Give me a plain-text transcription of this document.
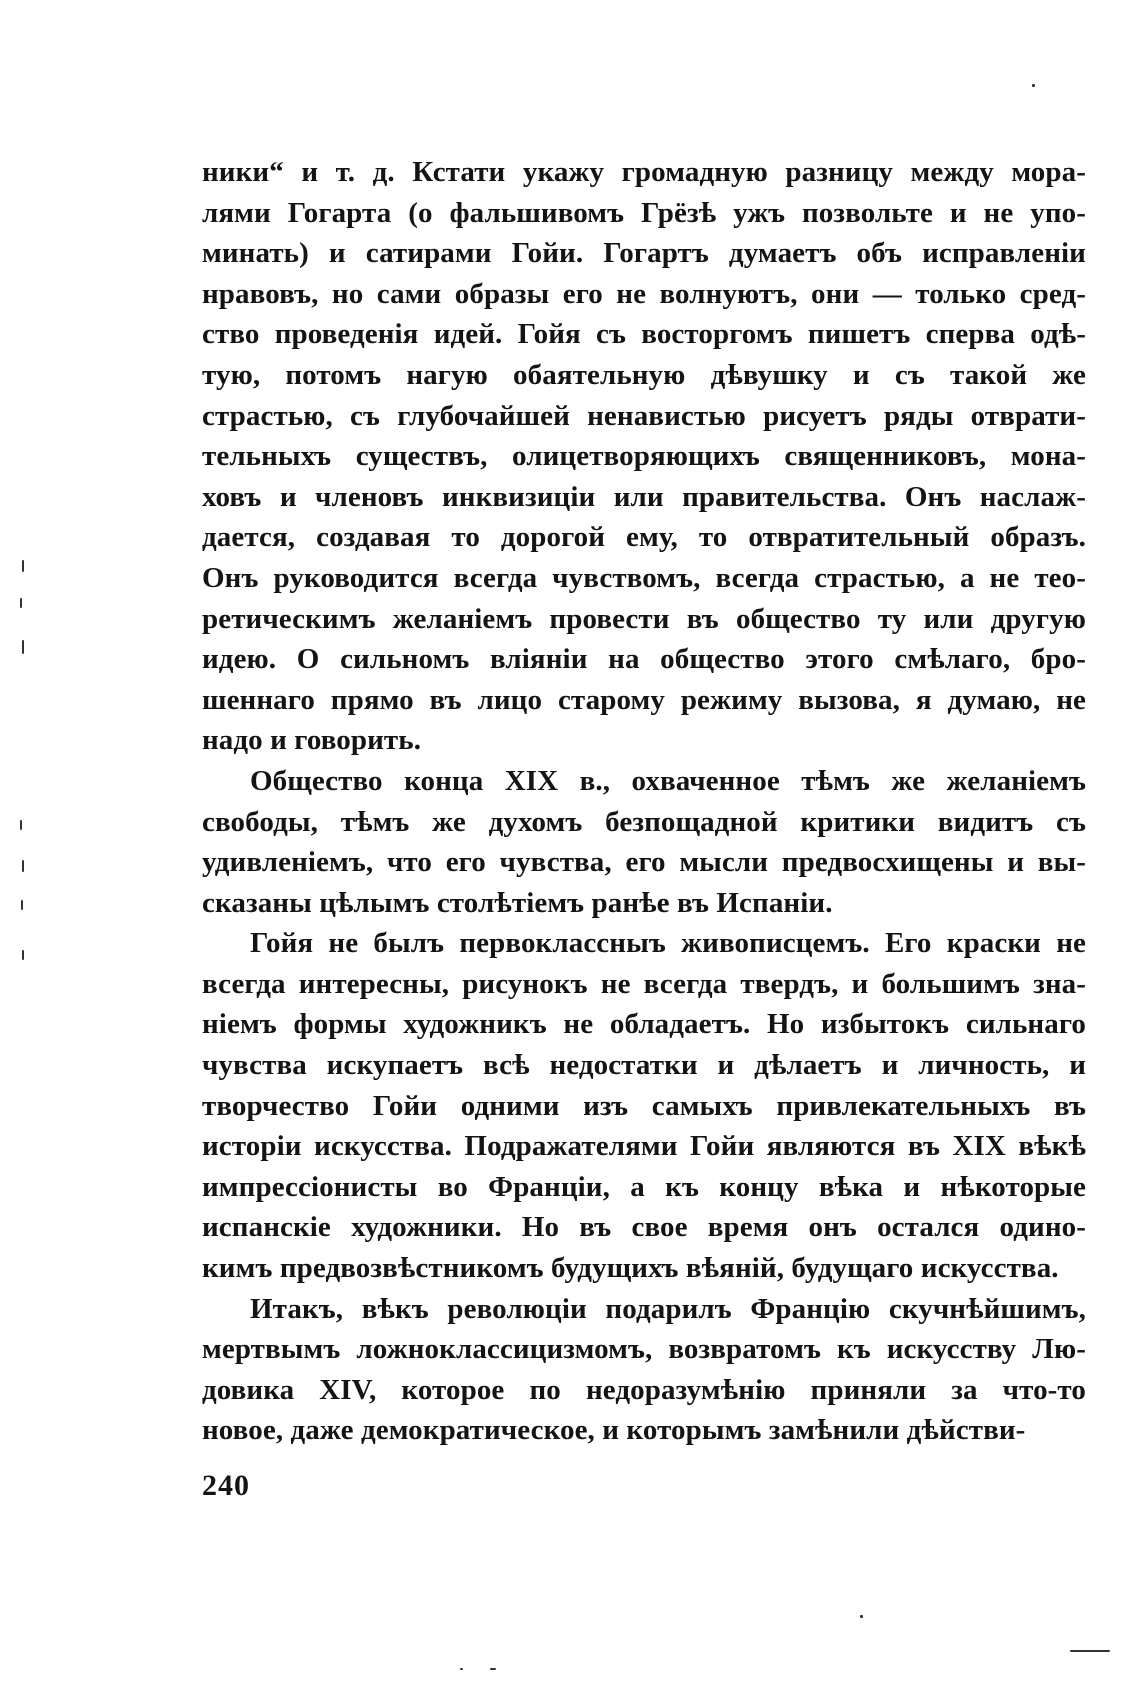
ники“ и т. д. Кстати укажу громадную разницу между мора-
лями Гогарта (о фальшивомъ Грёзѣ ужъ позвольте и не упо-
минать) и сатирами Гойи. Гогартъ думаетъ объ исправленіи
нравовъ, но сами образы его не волнуютъ, они — только сред-
ство проведенія идей. Гойя съ восторгомъ пишетъ сперва одѣ-
тую, потомъ нагую обаятельную дѣвушку и съ такой же
страстью, съ глубочайшей ненавистью рисуетъ ряды отврати-
тельныхъ существъ, олицетворяющихъ священниковъ, мона-
ховъ и членовъ инквизиціи или правительства. Онъ наслаж-
дается, создавая то дорогой ему, то отвратительный образъ.
Онъ руководится всегда чувствомъ, всегда страстью, а не тео-
ретическимъ желаніемъ провести въ общество ту или другую
идею. О сильномъ вліяніи на общество этого смѣлаго, бро-
шеннаго прямо въ лицо старому режиму вызова, я думаю, не
надо и говорить.
Общество конца XIX в., охваченное тѣмъ же желаніемъ
свободы, тѣмъ же духомъ безпощадной критики видитъ съ
удивленіемъ, что его чувства, его мысли предвосхищены и вы-
сказаны цѣлымъ столѣтіемъ ранѣе въ Испаніи.
Гойя не былъ первоклассныъ живописцемъ. Его краски не
всегда интересны, рисунокъ не всегда твердъ, и большимъ зна-
ніемъ формы художникъ не обладаетъ. Но избытокъ сильнаго
чувства искупаетъ всѣ недостатки и дѣлаетъ и личность, и
творчество Гойи одними изъ самыхъ привлекательныхъ въ
исторіи искусства. Подражателями Гойи являются въ XIX вѣкѣ
импрессіонисты во Франціи, а къ концу вѣка и нѣкоторые
испанскіе художники. Но въ свое время онъ остался одино-
кимъ предвозвѣстникомъ будущихъ вѣяній, будущаго искусства.
Итакъ, вѣкъ революціи подарилъ Францію скучнѣйшимъ,
мертвымъ ложноклассицизмомъ, возвратомъ къ искусству Лю-
довика XIV, которое по недоразумѣнію приняли за что-то
новое, даже демократическое, и которымъ замѣнили дѣйстви-
240
